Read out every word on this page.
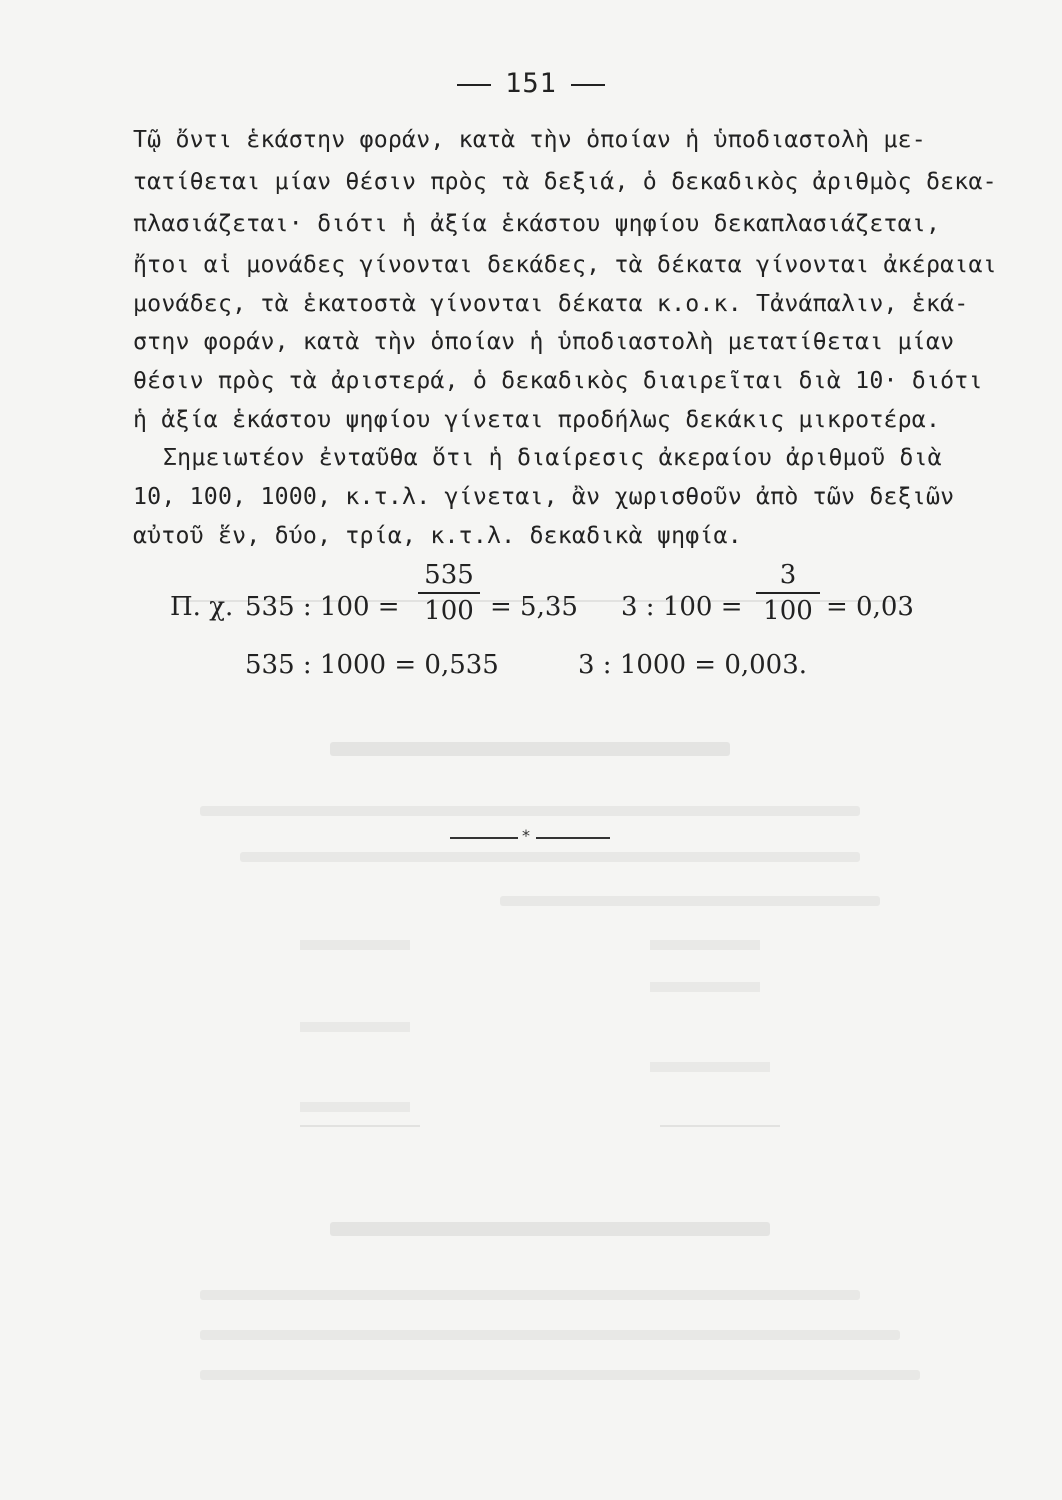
151
Τῷ ὄντι ἑκάστην φοράν, κατὰ τὴν ὁποίαν ἡ ὑποδιαστολὴ με-
τατίθεται μίαν θέσιν πρὸς τὰ δεξιά, ὁ δεκαδικὸς ἀριθμὸς δεκα-
πλασιάζεται· διότι ἡ ἀξία ἑκάστου ψηφίου δεκαπλασιάζεται,
ἤτοι αἱ μονάδες γίνονται δεκάδες, τὰ δέκατα γίνονται ἀκέραιαι
μονάδες, τὰ ἑκατοστὰ γίνονται δέκατα κ.ο.κ. Τἀνάπαλιν, ἑκά-
στην φοράν, κατὰ τὴν ὁποίαν ἡ ὑποδιαστολὴ μετατίθεται μίαν
θέσιν πρὸς τὰ ἀριστερά, ὁ δεκαδικὸς διαιρεῖται διὰ 10· διότι
ἡ ἀξία ἑκάστου ψηφίου γίνεται προδήλως δεκάκις μικροτέρα.
Σημειωτέον ἐνταῦθα ὅτι ἡ διαίρεσις ἀκεραίου ἀριθμοῦ διὰ
10, 100, 1000, κ.τ.λ. γίνεται, ἂν χωρισθοῦν ἀπὸ τῶν δεξιῶν
αὐτοῦ ἕν, δύο, τρία, κ.τ.λ. δεκαδικὰ ψηφία.
Π. χ. 535 : 100 =
535
100 = 5,35 3 : 100 =
3
100 = 0,03
535 : 1000 = 0,535	3 : 1000 = 0,003.
*
